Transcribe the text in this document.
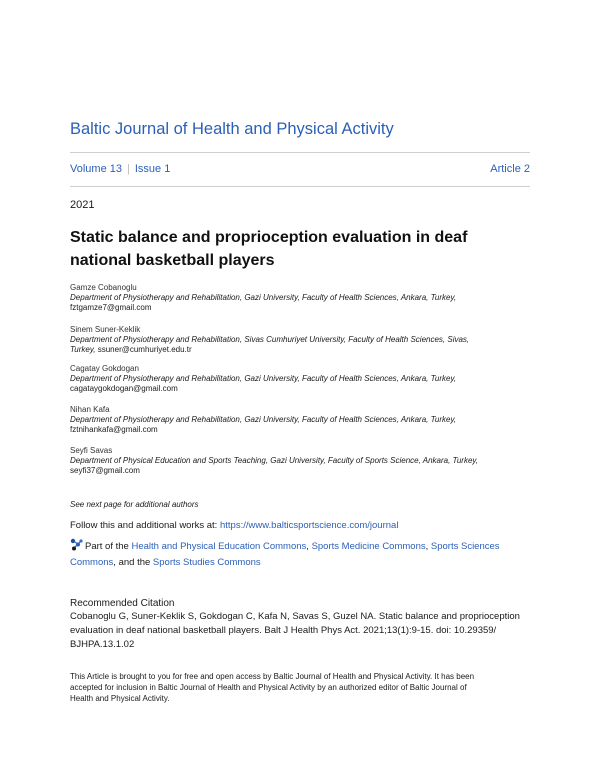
Baltic Journal of Health and Physical Activity
Volume 13 | Issue 1	Article 2
2021
Static balance and proprioception evaluation in deaf national basketball players
Gamze Cobanoglu
Department of Physiotherapy and Rehabilitation, Gazi University, Faculty of Health Sciences, Ankara, Turkey,
fztgamze7@gmail.com
Sinem Suner-Keklik
Department of Physiotherapy and Rehabilitation, Sivas Cumhuriyet University, Faculty of Health Sciences, Sivas,
Turkey, ssuner@cumhuriyet.edu.tr
Cagatay Gokdogan
Department of Physiotherapy and Rehabilitation, Gazi University, Faculty of Health Sciences, Ankara, Turkey,
cagataygokdogan@gmail.com
Nihan Kafa
Department of Physiotherapy and Rehabilitation, Gazi University, Faculty of Health Sciences, Ankara, Turkey,
fztnihankafa@gmail.com
Seyfi Savas
Department of Physical Education and Sports Teaching, Gazi University, Faculty of Sports Science, Ankara, Turkey,
seyfi37@gmail.com
See next page for additional authors
Follow this and additional works at: https://www.balticsportscience.com/journal
Part of the Health and Physical Education Commons, Sports Medicine Commons, Sports Sciences
Commons, and the Sports Studies Commons
Recommended Citation
Cobanoglu G, Suner-Keklik S, Gokdogan C, Kafa N, Savas S, Guzel NA. Static balance and proprioception
evaluation in deaf national basketball players. Balt J Health Phys Act. 2021;13(1):9-15. doi: 10.29359/
BJHPA.13.1.02
This Article is brought to you for free and open access by Baltic Journal of Health and Physical Activity. It has been
accepted for inclusion in Baltic Journal of Health and Physical Activity by an authorized editor of Baltic Journal of
Health and Physical Activity.
